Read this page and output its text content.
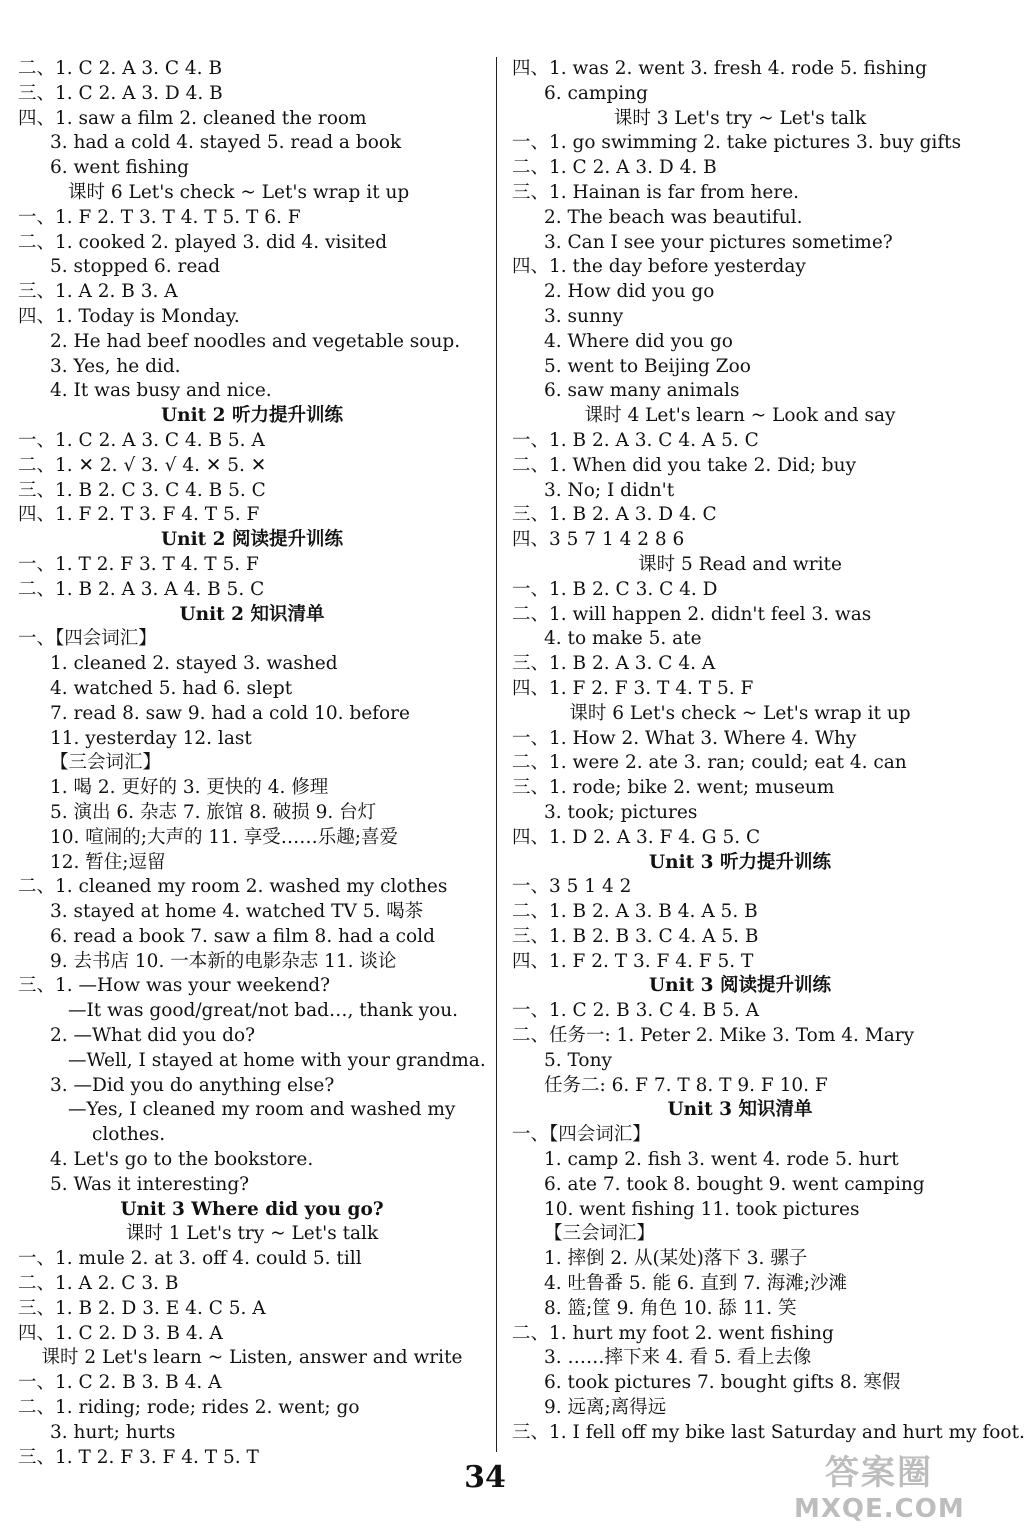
二、1. C 2. A 3. C 4. B
三、1. C 2. A 3. D 4. B
四、1. saw a film 2. cleaned the room
3. had a cold 4. stayed 5. read a book
6. went fishing
课时 6 Let's check ~ Let's wrap it up
一、1. F 2. T 3. T 4. T 5. T 6. F
二、1. cooked 2. played 3. did 4. visited
5. stopped 6. read
三、1. A 2. B 3. A
四、1. Today is Monday.
2. He had beef noodles and vegetable soup.
3. Yes, he did.
4. It was busy and nice.
Unit 2 听力提升训练
一、1. C 2. A 3. C 4. B 5. A
二、1. ✕ 2. √ 3. √ 4. ✕ 5. ✕
三、1. B 2. C 3. C 4. B 5. C
四、1. F 2. T 3. F 4. T 5. F
Unit 2 阅读提升训练
一、1. T 2. F 3. T 4. T 5. F
二、1. B 2. A 3. A 4. B 5. C
Unit 2 知识清单
一、【四会词汇】
1. cleaned 2. stayed 3. washed
4. watched 5. had 6. slept
7. read 8. saw 9. had a cold 10. before
11. yesterday 12. last
【三会词汇】
1. 喝 2. 更好的 3. 更快的 4. 修理
5. 演出 6. 杂志 7. 旅馆 8. 破损 9. 台灯
10. 喧闹的;大声的 11. 享受……乐趣;喜爱
12. 暂住;逗留
二、1. cleaned my room 2. washed my clothes
3. stayed at home 4. watched TV 5. 喝茶
6. read a book 7. saw a film 8. had a cold
9. 去书店 10. 一本新的电影杂志 11. 谈论
三、1. —How was your weekend?
—It was good/great/not bad…, thank you.
2. —What did you do?
—Well, I stayed at home with your grandma.
3. —Did you do anything else?
—Yes, I cleaned my room and washed my
clothes.
4. Let's go to the bookstore.
5. Was it interesting?
Unit 3 Where did you go?
课时 1 Let's try ~ Let's talk
一、1. mule 2. at 3. off 4. could 5. till
二、1. A 2. C 3. B
三、1. B 2. D 3. E 4. C 5. A
四、1. C 2. D 3. B 4. A
课时 2 Let's learn ~ Listen, answer and write
一、1. C 2. B 3. B 4. A
二、1. riding; rode; rides 2. went; go
3. hurt; hurts
三、1. T 2. F 3. F 4. T 5. T
四、1. was 2. went 3. fresh 4. rode 5. fishing
6. camping
课时 3 Let's try ~ Let's talk
一、1. go swimming 2. take pictures 3. buy gifts
二、1. C 2. A 3. D 4. B
三、1. Hainan is far from here.
2. The beach was beautiful.
3. Can I see your pictures sometime?
四、1. the day before yesterday
2. How did you go
3. sunny
4. Where did you go
5. went to Beijing Zoo
6. saw many animals
课时 4 Let's learn ~ Look and say
一、1. B 2. A 3. C 4. A 5. C
二、1. When did you take 2. Did; buy
3. No; I didn't
三、1. B 2. A 3. D 4. C
四、3 5 7 1 4 2 8 6
课时 5 Read and write
一、1. B 2. C 3. C 4. D
二、1. will happen 2. didn't feel 3. was
4. to make 5. ate
三、1. B 2. A 3. C 4. A
四、1. F 2. F 3. T 4. T 5. F
课时 6 Let's check ~ Let's wrap it up
一、1. How 2. What 3. Where 4. Why
二、1. were 2. ate 3. ran; could; eat 4. can
三、1. rode; bike 2. went; museum
3. took; pictures
四、1. D 2. A 3. F 4. G 5. C
Unit 3 听力提升训练
一、3 5 1 4 2
二、1. B 2. A 3. B 4. A 5. B
三、1. B 2. B 3. C 4. A 5. B
四、1. F 2. T 3. F 4. F 5. T
Unit 3 阅读提升训练
一、1. C 2. B 3. C 4. B 5. A
二、任务一: 1. Peter 2. Mike 3. Tom 4. Mary
5. Tony
任务二: 6. F 7. T 8. T 9. F 10. F
Unit 3 知识清单
一、【四会词汇】
1. camp 2. fish 3. went 4. rode 5. hurt
6. ate 7. took 8. bought 9. went camping
10. went fishing 11. took pictures
【三会词汇】
1. 摔倒 2. 从(某处)落下 3. 骡子
4. 吐鲁番 5. 能 6. 直到 7. 海滩;沙滩
8. 篮;筐 9. 角色 10. 舔 11. 笑
二、1. hurt my foot 2. went fishing
3. ……摔下来 4. 看 5. 看上去像
6. took pictures 7. bought gifts 8. 寒假
9. 远离;离得远
三、1. I fell off my bike last Saturday and hurt my foot.
34	答案圈
MXQE.COM
